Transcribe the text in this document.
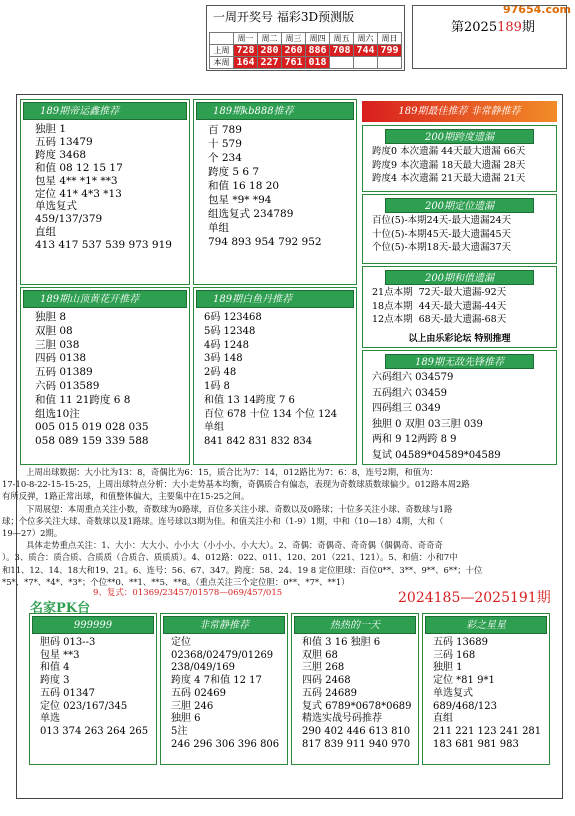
97654.com
一周开奖号 福彩3D预测版
	周一	周二	周三	周四	周五	周六	周日
上周	728	280	260	886	708	744	799
本周	164	227	761	018			
第2025189期
189期帝运鑫推荐
独胆 1
五码 13479
跨度 3468
和值 08 12 15 17
包星 4** *1* **3
定位 41* 4*3 *13
单选复式
459/137/379
直组
413 417 537 539 973 919
189期kb888推荐
百 789
十 579
个 234
跨度 5 6 7
和值 16 18 20
包星 *9* *94
组选复式 234789
单组
794 893 954 792 952
189期山顶黄花开推荐
独胆 8
双胆 08
三胆 038
四码 0138
五码 01389
六码 013589
和值 11 21跨度 6 8
组选10注
005 015 019 028 035
058 089 159 339 588
189期白鱼丹推荐
6码 123468
5码 12348
4码 1248
3码 148
2码 48
1码 8
和值 13 14跨度 7 6
百位 678 十位 134 个位 124
单组
841 842 831 832 834
189期最佳推荐 非常静推荐
200期跨度遗漏
跨度0 本次遗漏 44天最大遗漏 66天
跨度9 本次遗漏 18天最大遗漏 28天
跨度4 本次遗漏 21天最大遗漏 21天
200期定位遗漏
百位(5)-本期24天-最大遗漏24天
十位(5)-本期45天-最大遗漏45天
个位(5)-本期18天-最大遗漏37天
200期和值遗漏
21点本期  72天-最大遗漏-92天
18点本期  44天-最大遗漏-44天
12点本期  68天-最大遗漏-68天
以上由乐彩论坛 特别推理
189期无敌先锋推荐
六码组六 034579
五码组六 03459
四码组三 0349
独胆 0 双胆 03三胆 039
两和 9 12两跨 8 9
复试 04589*04589*04589
上周出球数据：大小比为13：8，奇偶比为6：15，质合比为7：14，012路比为7：6：8，连号2期，和值为：
17-10-8-22-15-15-25，上周出球特点分析：大小走势基本均衡，奇偶质合有偏态，表现为奇数球质数球偏少。012路本周2路
有所反弹，1路正常出球，和值整体偏大，主要集中在15-25之间。
下周展望：本周重点关注小数，奇数球为0路球，百位多关注小球、奇数以及0路球；十位多关注小球、奇数球与1路
球；个位多关注大球、奇数球以及1路球。连号球以3期为佳。和值关注小和（1-9）1期，中和（10—18）4期，大和（
19—27）2期。
具体走势重点关注：1、大小：大大小、小小大（小小小、小大大）。2、奇偶：奇偶奇、奇奇偶（偶偶奇、奇奇奇
）。3、质合：质合质、合质质（合质合、质质质）。4、012路：022、011、120、201（221、121）。5、和值：小和7中
和11、12、14、18大和19、21。6、连号：56、67、347。跨度：58、24、19 8 定位胆球：百位0**、3**、9**、6**；十位
*5*、*7*、*4*、*3*；个位**0、**1、**5、**8。（重点关注三个定位胆：0**、*7*、**1）
9、复式：01369/23457/01578—069/457/015	2024185—2025191期
名家PK台
999999
胆码 013--3
包星 **3
和值 4
跨度 3
五码 01347
定位 023/167/345
单选
013 374 263 264 265
非常静推荐
定位
02368/02479/01269
238/049/169
跨度 4 7和值 12 17
五码 02469
三胆 246
独胆 6
5注
246 296 306 396 806
热热的一天
和值 3 16 独胆 6
双胆 68
三胆 268
四码 2468
五码 24689
复式 6789*0678*0689
精选实战号码推荐
290 402 446 613 810
817 839 911 940 970
彩之星星
五码 13689
三码 168
独胆 1
定位 *81 9*1
单选复式
689/468/123
直组
211 221 123 241 281
183 681 981 983
